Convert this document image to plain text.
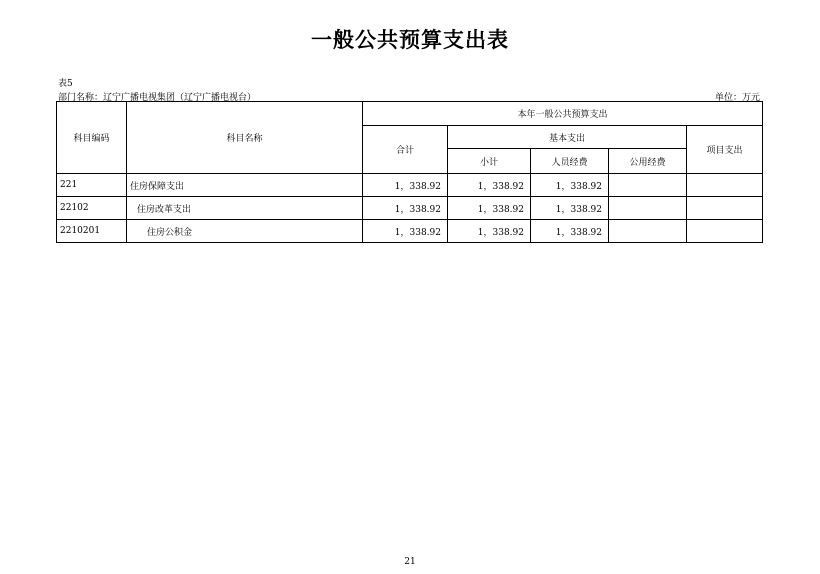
一般公共预算支出表
表5
部门名称：辽宁广播电视集团（辽宁广播电视台）	单位：万元
科目编码	科目名称	本年一般公共预算支出				
		合计	基本支出			项目支出
			小计	人员经费	公用经费	
221	住房保障支出	1，338.92	1，338.92	1，338.92		
22102	住房改革支出	1，338.92	1，338.92	1，338.92		
2210201	住房公积金	1，338.92	1，338.92	1，338.92		
21
